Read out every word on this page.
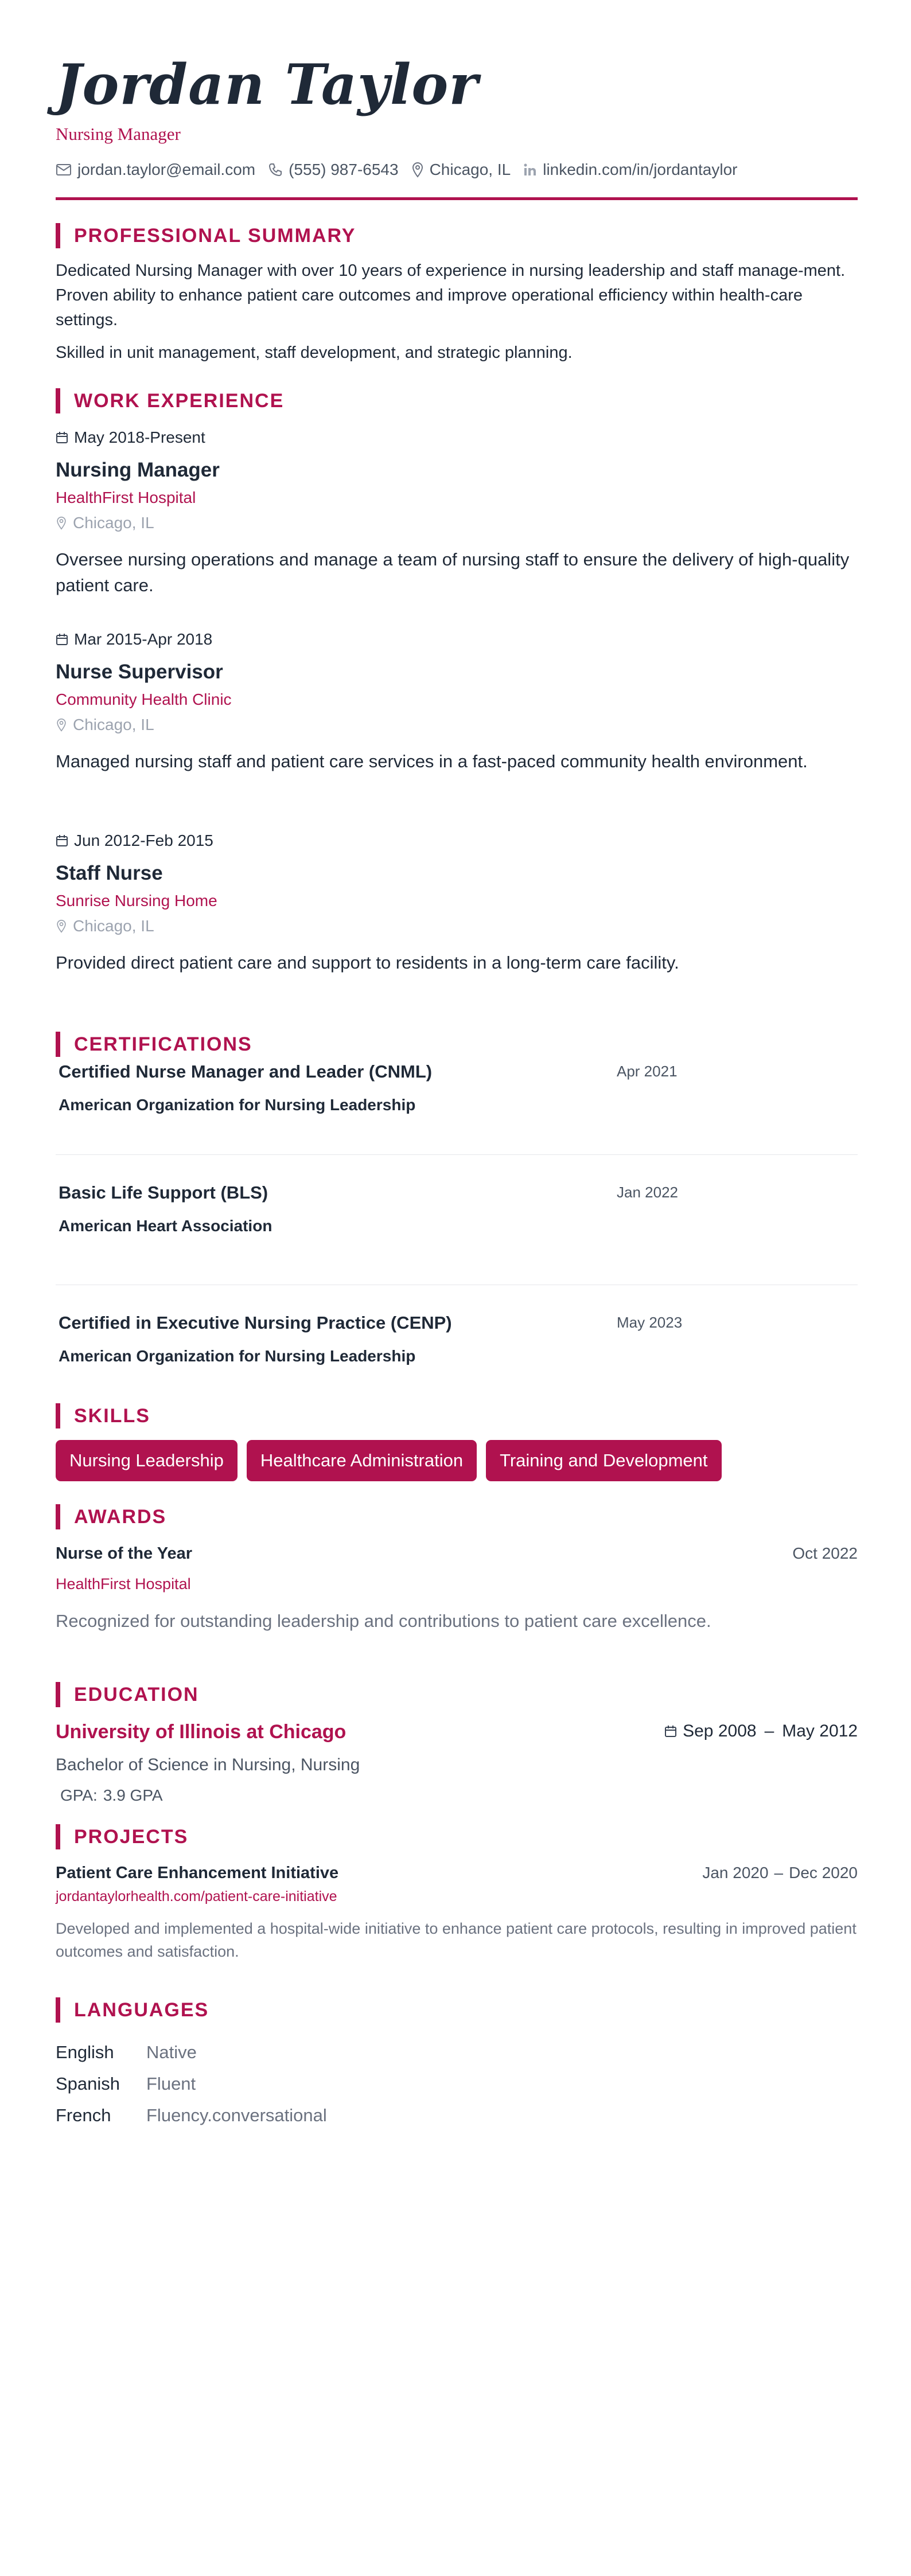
Jordan Taylor
Nursing Manager
jordan.taylor@email.com (555) 987-6543 Chicago, IL linkedin.com/in/jordantaylor
PROFESSIONAL SUMMARY

Dedicated Nursing Manager with over 10 years of experience in nursing leadership and staff manage-ment. Proven ability to enhance patient care outcomes and improve operational efficiency within health-care settings.

Skilled in unit management, staff development, and strategic planning.

WORK EXPERIENCE
May 2018-Present
Nursing Manager
HealthFirst Hospital
Chicago, IL
Oversee nursing operations and manage a team of nursing staff to ensure the delivery of high-quality patient care.
Mar 2015-Apr 2018
Nurse Supervisor
Community Health Clinic
Chicago, IL
Managed nursing staff and patient care services in a fast-paced community health environment.
Jun 2012-Feb 2015
Staff Nurse
Sunrise Nursing Home
Chicago, IL
Provided direct patient care and support to residents in a long-term care facility.
CERTIFICATIONS
Certified Nurse Manager and Leader (CNML)
American Organization for Nursing Leadership
Apr 2021
Basic Life Support (BLS)
American Heart Association
Jan 2022
Certified in Executive Nursing Practice (CENP)
American Organization for Nursing Leadership
May 2023
SKILLS
Nursing Leadership	Healthcare Administration	Training and Development
AWARDS
Nurse of the Year	Oct 2022
HealthFirst Hospital
Recognized for outstanding leadership and contributions to patient care excellence.
EDUCATION
University of Illinois at Chicago	Sep 2008 – May 2012
Bachelor of Science in Nursing, Nursing
GPA: 3.9 GPA
PROJECTS
Patient Care Enhancement Initiative	Jan 2020 – Dec 2020
jordantaylorhealth.com/patient-care-initiative
Developed and implemented a hospital-wide initiative to enhance patient care protocols, resulting in improved patient outcomes and satisfaction.
LANGUAGES
English	Native
Spanish	Fluent
French	Fluency.conversational
